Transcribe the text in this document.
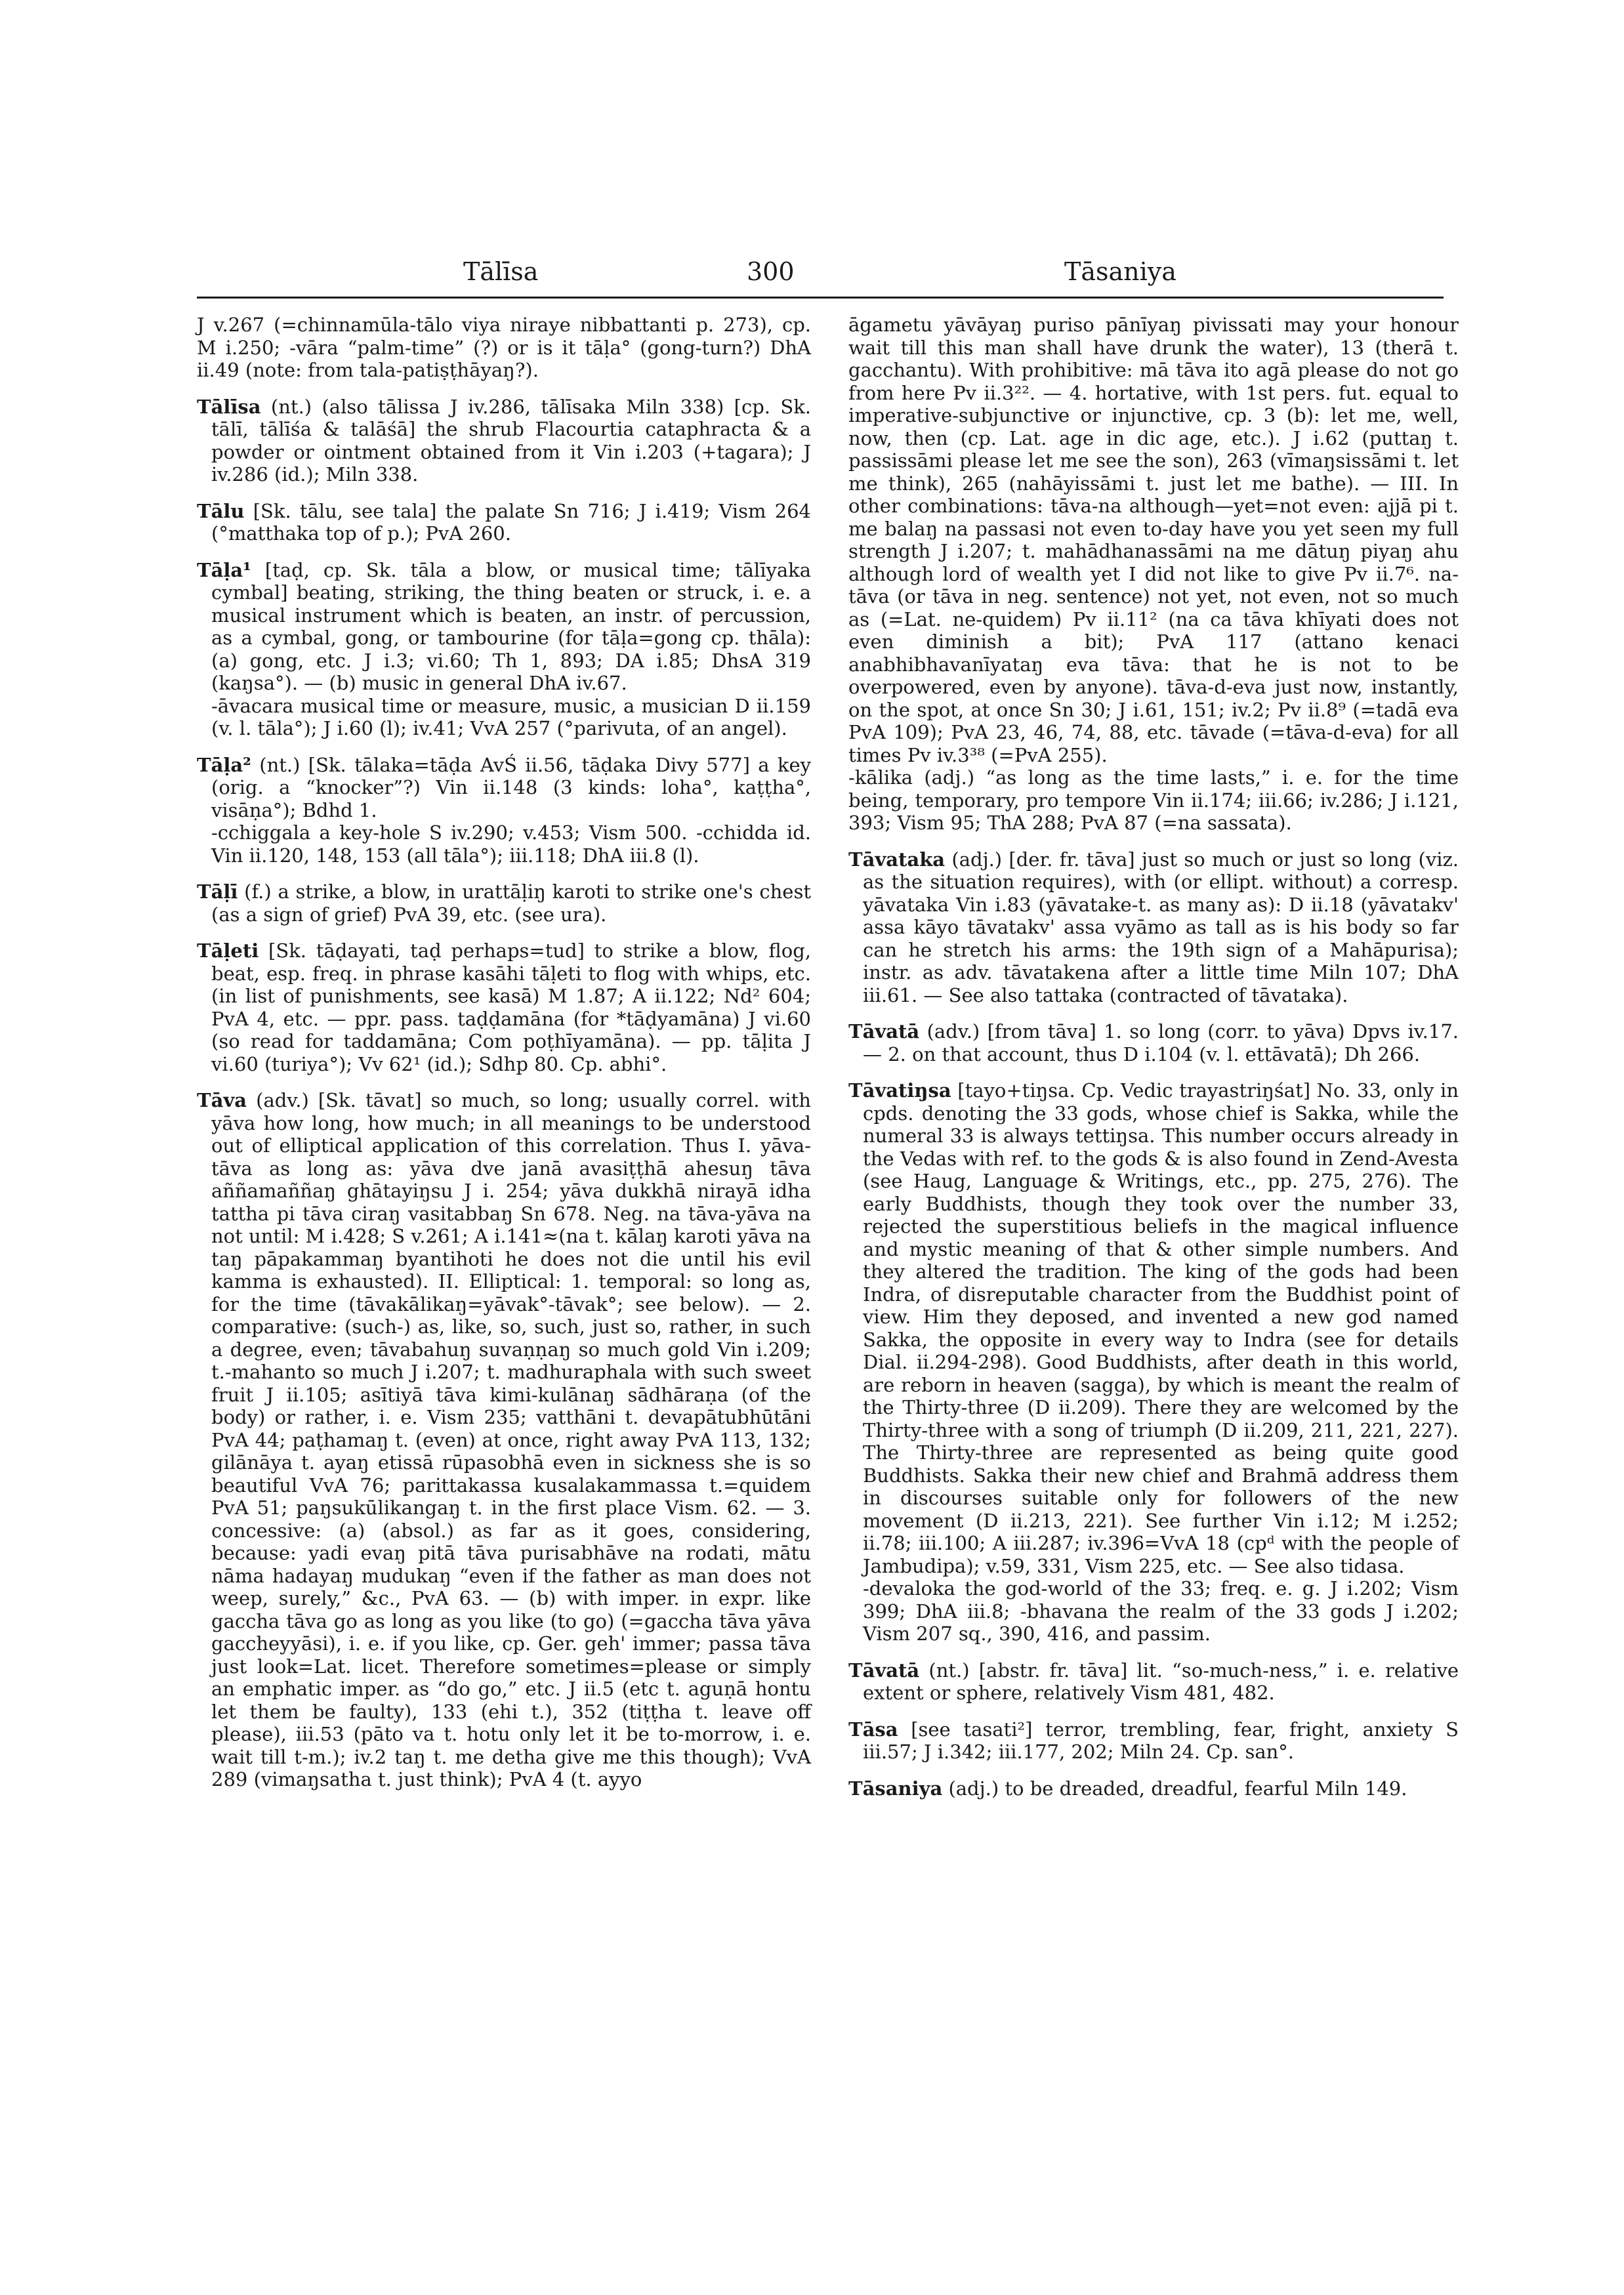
Tālīsa	300	Tāsaniya

J v.267 (=chinnamūla-tālo viya niraye nibbattanti p. 273), cp. M i.250; -vāra “palm-time” (?) or is it tāḷa° (gong-turn?) DhA ii.49 (note: from tala-patiṣṭhāyaŋ?).

Tālīsa (nt.) (also tālissa J iv.286, tālīsaka Miln 338) [cp. Sk. tālī, tālīśa & talāśā] the shrub Flacourtia cataphracta & a powder or ointment obtained from it Vin i.203 (+tagara); J iv.286 (id.); Miln 338.

Tālu [Sk. tālu, see tala] the palate Sn 716; J i.419; Vism 264 (°matthaka top of p.); PvA 260.

Tāḷa¹ [taḍ, cp. Sk. tāla a blow, or musical time; tālīyaka cymbal] beating, striking, the thing beaten or struck, i. e. a musical instrument which is beaten, an instr. of percussion, as a cymbal, gong, or tambourine (for tāḷa=gong cp. thāla): (a) gong, etc. J i.3; vi.60; Th 1, 893; DA i.85; DhsA 319 (kaŋsa°). — (b) music in general DhA iv.67.

-āvacara musical time or measure, music, a musician D ii.159 (v. l. tāla°); J i.60 (l); iv.41; VvA 257 (°parivuta, of an angel).

Tāḷa² (nt.) [Sk. tālaka=tāḍa AvŚ ii.56, tāḍaka Divy 577] a key (orig. a “knocker”?) Vin ii.148 (3 kinds: loha°, kaṭṭha°, visāṇa°); Bdhd 1.

-cchiggala a key-hole S iv.290; v.453; Vism 500. -cchidda id. Vin ii.120, 148, 153 (all tāla°); iii.118; DhA iii.8 (l).

Tāḷī (f.) a strike, a blow, in urattāḷiŋ karoti to strike one's chest (as a sign of grief) PvA 39, etc. (see ura).

Tāḷeti [Sk. tāḍayati, taḍ perhaps=tud] to strike a blow, flog, beat, esp. freq. in phrase kasāhi tāḷeti to flog with whips, etc. (in list of punishments, see kasā) M 1.87; A ii.122; Nd² 604; PvA 4, etc. — ppr. pass. taḍḍamāna (for *tāḍyamāna) J vi.60 (so read for taddamāna; Com poṭhīyamāna). — pp. tāḷita J vi.60 (turiya°); Vv 62¹ (id.); Sdhp 80. Cp. abhi°.

Tāva (adv.) [Sk. tāvat] so much, so long; usually correl. with yāva how long, how much; in all meanings to be understood out of elliptical application of this correlation. Thus I. yāva-tāva as long as: yāva dve janā avasiṭṭhā ahesuŋ tāva aññamaññaŋ ghātayiŋsu J i. 254; yāva dukkhā nirayā idha tattha pi tāva ciraŋ vasitabbaŋ Sn 678. Neg. na tāva-yāva na not until: M i.428; S v.261; A i.141≈(na t. kālaŋ karoti yāva na taŋ pāpakammaŋ byantihoti he does not die until his evil kamma is exhausted). II. Elliptical: 1. temporal: so long as, for the time (tāvakālikaŋ=yāvak°-tāvak°; see below). — 2. comparative: (such-) as, like, so, such, just so, rather, in such a degree, even; tāvabahuŋ suvaṇṇaŋ so much gold Vin i.209; t.-mahanto so much J i.207; t. madhuraphala with such sweet fruit J ii.105; asītiyā tāva kimi-kulānaŋ sādhāraṇa (of the body) or rather, i. e. Vism 235; vatthāni t. devapātubhūtāni PvA 44; paṭhamaŋ t. (even) at once, right away PvA 113, 132; gilānāya t. ayaŋ etissā rūpasobhā even in sickness she is so beautiful VvA 76; parittakassa kusalakammassa t.=quidem PvA 51; paŋsukūlikangaŋ t. in the first place Vism. 62. — 3. concessive: (a) (absol.) as far as it goes, considering, because: yadi evaŋ pitā tāva purisabhāve na rodati, mātu nāma hadayaŋ mudukaŋ “even if the father as man does not weep, surely,” &c., PvA 63. — (b) with imper. in expr. like gaccha tāva go as long as you like (to go) (=gaccha tāva yāva gaccheyyāsi), i. e. if you like, cp. Ger. geh' immer; passa tāva just look=Lat. licet. Therefore sometimes=please or simply an emphatic imper. as “do go,” etc. J ii.5 (etc t. aguṇā hontu let them be faulty), 133 (ehi t.), 352 (tiṭṭha t. leave off please), iii.53 (pāto va t. hotu only let it be to-morrow, i. e. wait till t-m.); iv.2 taŋ t. me detha give me this though); VvA 289 (vimaŋsatha t. just think); PvA 4 (t. ayyo

āgametu yāvāyaŋ puriso pānīyaŋ pivissati may your honour wait till this man shall have drunk the water), 13 (therā t. gacchantu). With prohibitive: mā tāva ito agā please do not go from here Pv ii.3²². — 4. hortative, with 1st pers. fut. equal to imperative-subjunctive or injunctive, cp. 3 (b): let me, well, now, then (cp. Lat. age in dic age, etc.). J i.62 (puttaŋ t. passissāmi please let me see the son), 263 (vīmaŋsissāmi t. let me think), 265 (nahāyissāmi t. just let me bathe). — III. In other combinations: tāva-na although—yet=not even: ajjā pi t. me balaŋ na passasi not even to-day have you yet seen my full strength J i.207; t. mahādhanassāmi na me dātuŋ piyaŋ ahu although lord of wealth yet I did not like to give Pv ii.7⁶. na-tāva (or tāva in neg. sentence) not yet, not even, not so much as (=Lat. ne-quidem) Pv ii.11² (na ca tāva khīyati does not even diminish a bit); PvA 117 (attano kenaci anabhibhavanīyataŋ eva tāva: that he is not to be overpowered, even by anyone). tāva-d-eva just now, instantly, on the spot, at once Sn 30; J i.61, 151; iv.2; Pv ii.8⁹ (=tadā eva PvA 109); PvA 23, 46, 74, 88, etc. tāvade (=tāva-d-eva) for all times Pv iv.3³⁸ (=PvA 255).

-kālika (adj.) “as long as the time lasts,” i. e. for the time being, temporary, pro tempore Vin ii.174; iii.66; iv.286; J i.121, 393; Vism 95; ThA 288; PvA 87 (=na sassata).

Tāvataka (adj.) [der. fr. tāva] just so much or just so long (viz. as the situation requires), with (or ellipt. without) a corresp. yāvataka Vin i.83 (yāvatake-t. as many as): D ii.18 (yāvatakv' assa kāyo tāvatakv' assa vyāmo as tall as is his body so far can he stretch his arms: the 19th sign of a Mahāpurisa); instr. as adv. tāvatakena after a little time Miln 107; DhA iii.61. — See also tattaka (contracted of tāvataka).

Tāvatā (adv.) [from tāva] 1. so long (corr. to yāva) Dpvs iv.17. — 2. on that account, thus D i.104 (v. l. ettāvatā); Dh 266.

Tāvatiŋsa [tayo+tiŋsa. Cp. Vedic trayastriŋśat] No. 33, only in cpds. denoting the 33 gods, whose chief is Sakka, while the numeral 33 is always tettiŋsa. This number occurs already in the Vedas with ref. to the gods & is also found in Zend-Avesta (see Haug, Language & Writings, etc., pp. 275, 276). The early Buddhists, though they took over the number 33, rejected the superstitious beliefs in the magical influence and mystic meaning of that & other simple numbers. And they altered the tradition. The king of the gods had been Indra, of disreputable character from the Buddhist point of view. Him they deposed, and invented a new god named Sakka, the opposite in every way to Indra (see for details Dial. ii.294-298). Good Buddhists, after death in this world, are reborn in heaven (sagga), by which is meant the realm of the Thirty-three (D ii.209). There they are welcomed by the Thirty-three with a song of triumph (D ii.209, 211, 221, 227). The Thirty-three are represented as being quite good Buddhists. Sakka their new chief and Brahmā address them in discourses suitable only for followers of the new movement (D ii.213, 221). See further Vin i.12; M i.252; ii.78; iii.100; A iii.287; iv.396=VvA 18 (cpᵈ with the people of Jambudipa); v.59, 331, Vism 225, etc. — See also tidasa.

-devaloka the god-world of the 33; freq. e. g. J i.202; Vism 399; DhA iii.8; -bhavana the realm of the 33 gods J i.202; Vism 207 sq., 390, 416, and passim.

Tāvatā (nt.) [abstr. fr. tāva] lit. “so-much-ness,” i. e. relative extent or sphere, relatively Vism 481, 482.

Tāsa [see tasati²] terror, trembling, fear, fright, anxiety S iii.57; J i.342; iii.177, 202; Miln 24. Cp. san°.

Tāsaniya (adj.) to be dreaded, dreadful, fearful Miln 149.
